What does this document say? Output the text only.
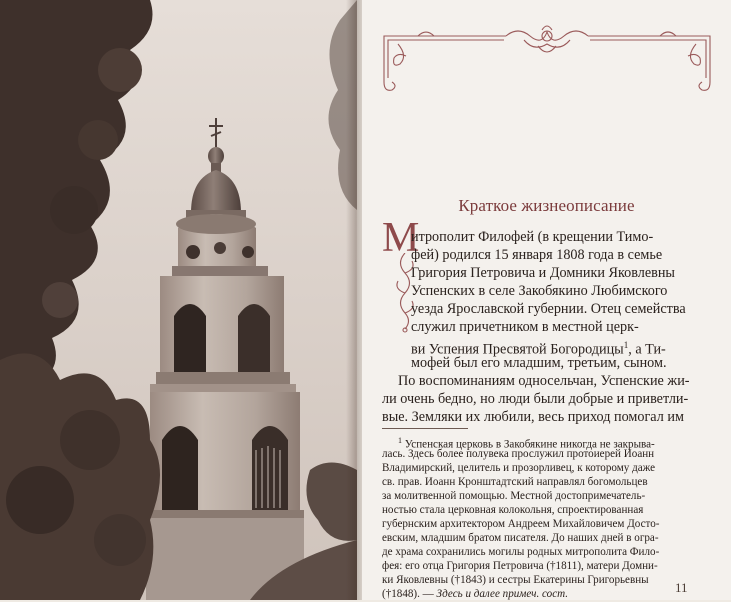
Краткое жизнеописание
М
итрополит Филофей (в крещении Тимо-
фей) родился 15 января 1808 года в семье
Григория Петровича и Домники Яковлевны
Успенских в селе Закобякино Любимского
уезда Ярославской губернии. Отец семейства
служил причетником в местной церк-
ви Успения Пресвятой Богородицы$^1$, а Ти-
мофей был его младшим, третьим, сыном.
По воспоминаниям односельчан, Успенские жи-
ли очень бедно, но люди были добрые и приветли-
вые. Земляки их любили, весь приход помогал им
$^1$ Успенская церковь в Закобякине никогда не закрыва-
лась. Здесь более полувека прослужил протоиерей Иоанн
Владимирский, целитель и прозорливец, к которому даже
св. прав. Иоанн Кронштадтский направлял богомольцев
за молитвенной помощью. Местной достопримечатель-
ностью стала церковная колокольня, спроектированная
губернским архитектором Андреем Михайловичем Досто-
евским, младшим братом писателя. До наших дней в огра-
де храма сохранились могилы родных митрополита Фило-
фея: его отца Григория Петровича (†1811), матери Домни-
ки Яковлевны (†1843) и сестры Екатерины Григорьевны
(†1848). — Здесь и далее примеч. сост.	11
